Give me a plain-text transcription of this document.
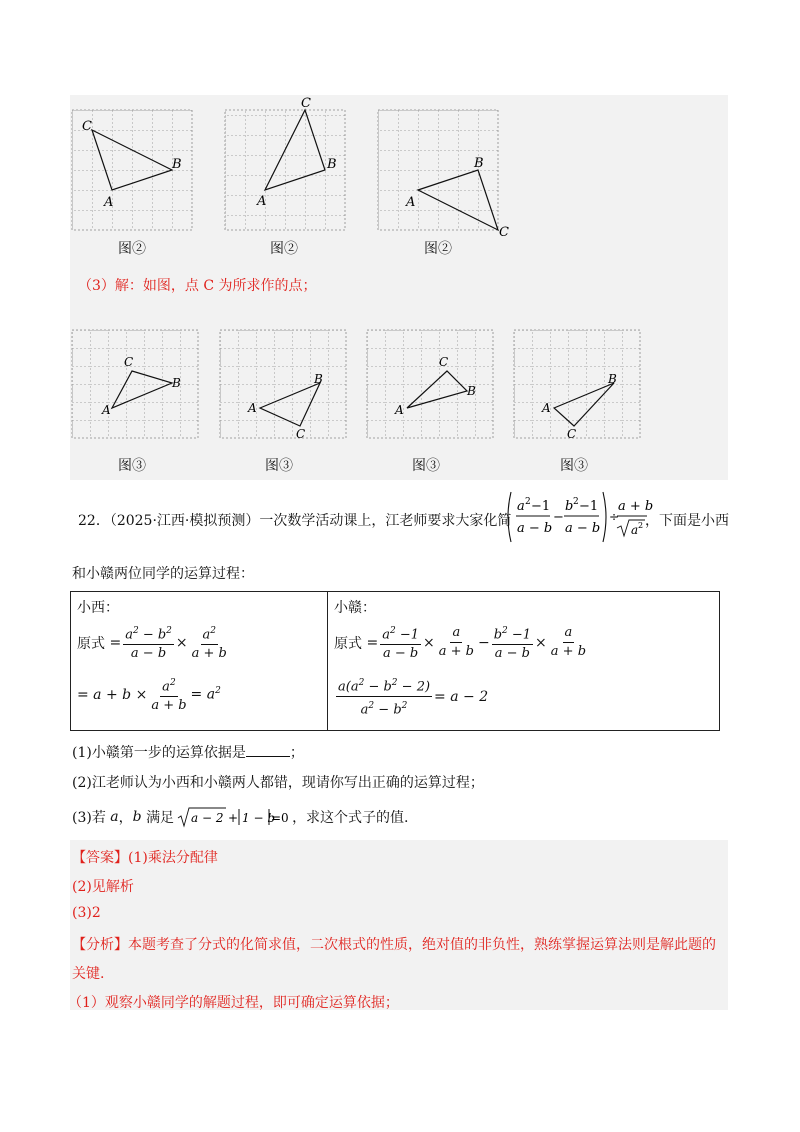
C
B
A
图②
C
B
A
图②
B
A
C
图②
（3）解：如图，点 C 为所求作的点；
C
B
A
图③
B
A
C
图③
C
B
A
图③
B
A
C
图③
22．（2025·江西·模拟预测）一次数学活动课上，江老师要求大家化简
a 2 −1
a − b
−
b 2 −1
a − b
÷
a + b
a 2 ，下面是小西
和小赣两位同学的运算过程：
小西：
原式 = $\frac{a^2 - b^2}{a - b} \times \frac{a^2}{a + b}$
= $a + b \times \frac{a^2}{a + b} = a^2$

小赣：
原式 = $\frac{a^2 -1}{a - b} \times \frac{a}{a + b} - \frac{b^2 -1}{a - b} \times \frac{a}{a + b}$
$\frac{a(a^2 - b^2 - 2)}{a^2 - b^2} = a - 2$
(1)小赣第一步的运算依据是	；
(2)江老师认为小西和小赣两人都错，现请你写出正确的运算过程；
(3)若 a ， b
满足 a − 2 + 1 − b
=0 ，求这个式子的值.
【答案】(1)乘法分配律
(2)见解析
(3)2
【分析】本题考查了分式的化简求值，二次根式的性质，绝对值的非负性，熟练掌握运算法则是解此题的
关键.
（1）观察小赣同学的解题过程，即可确定运算依据；
